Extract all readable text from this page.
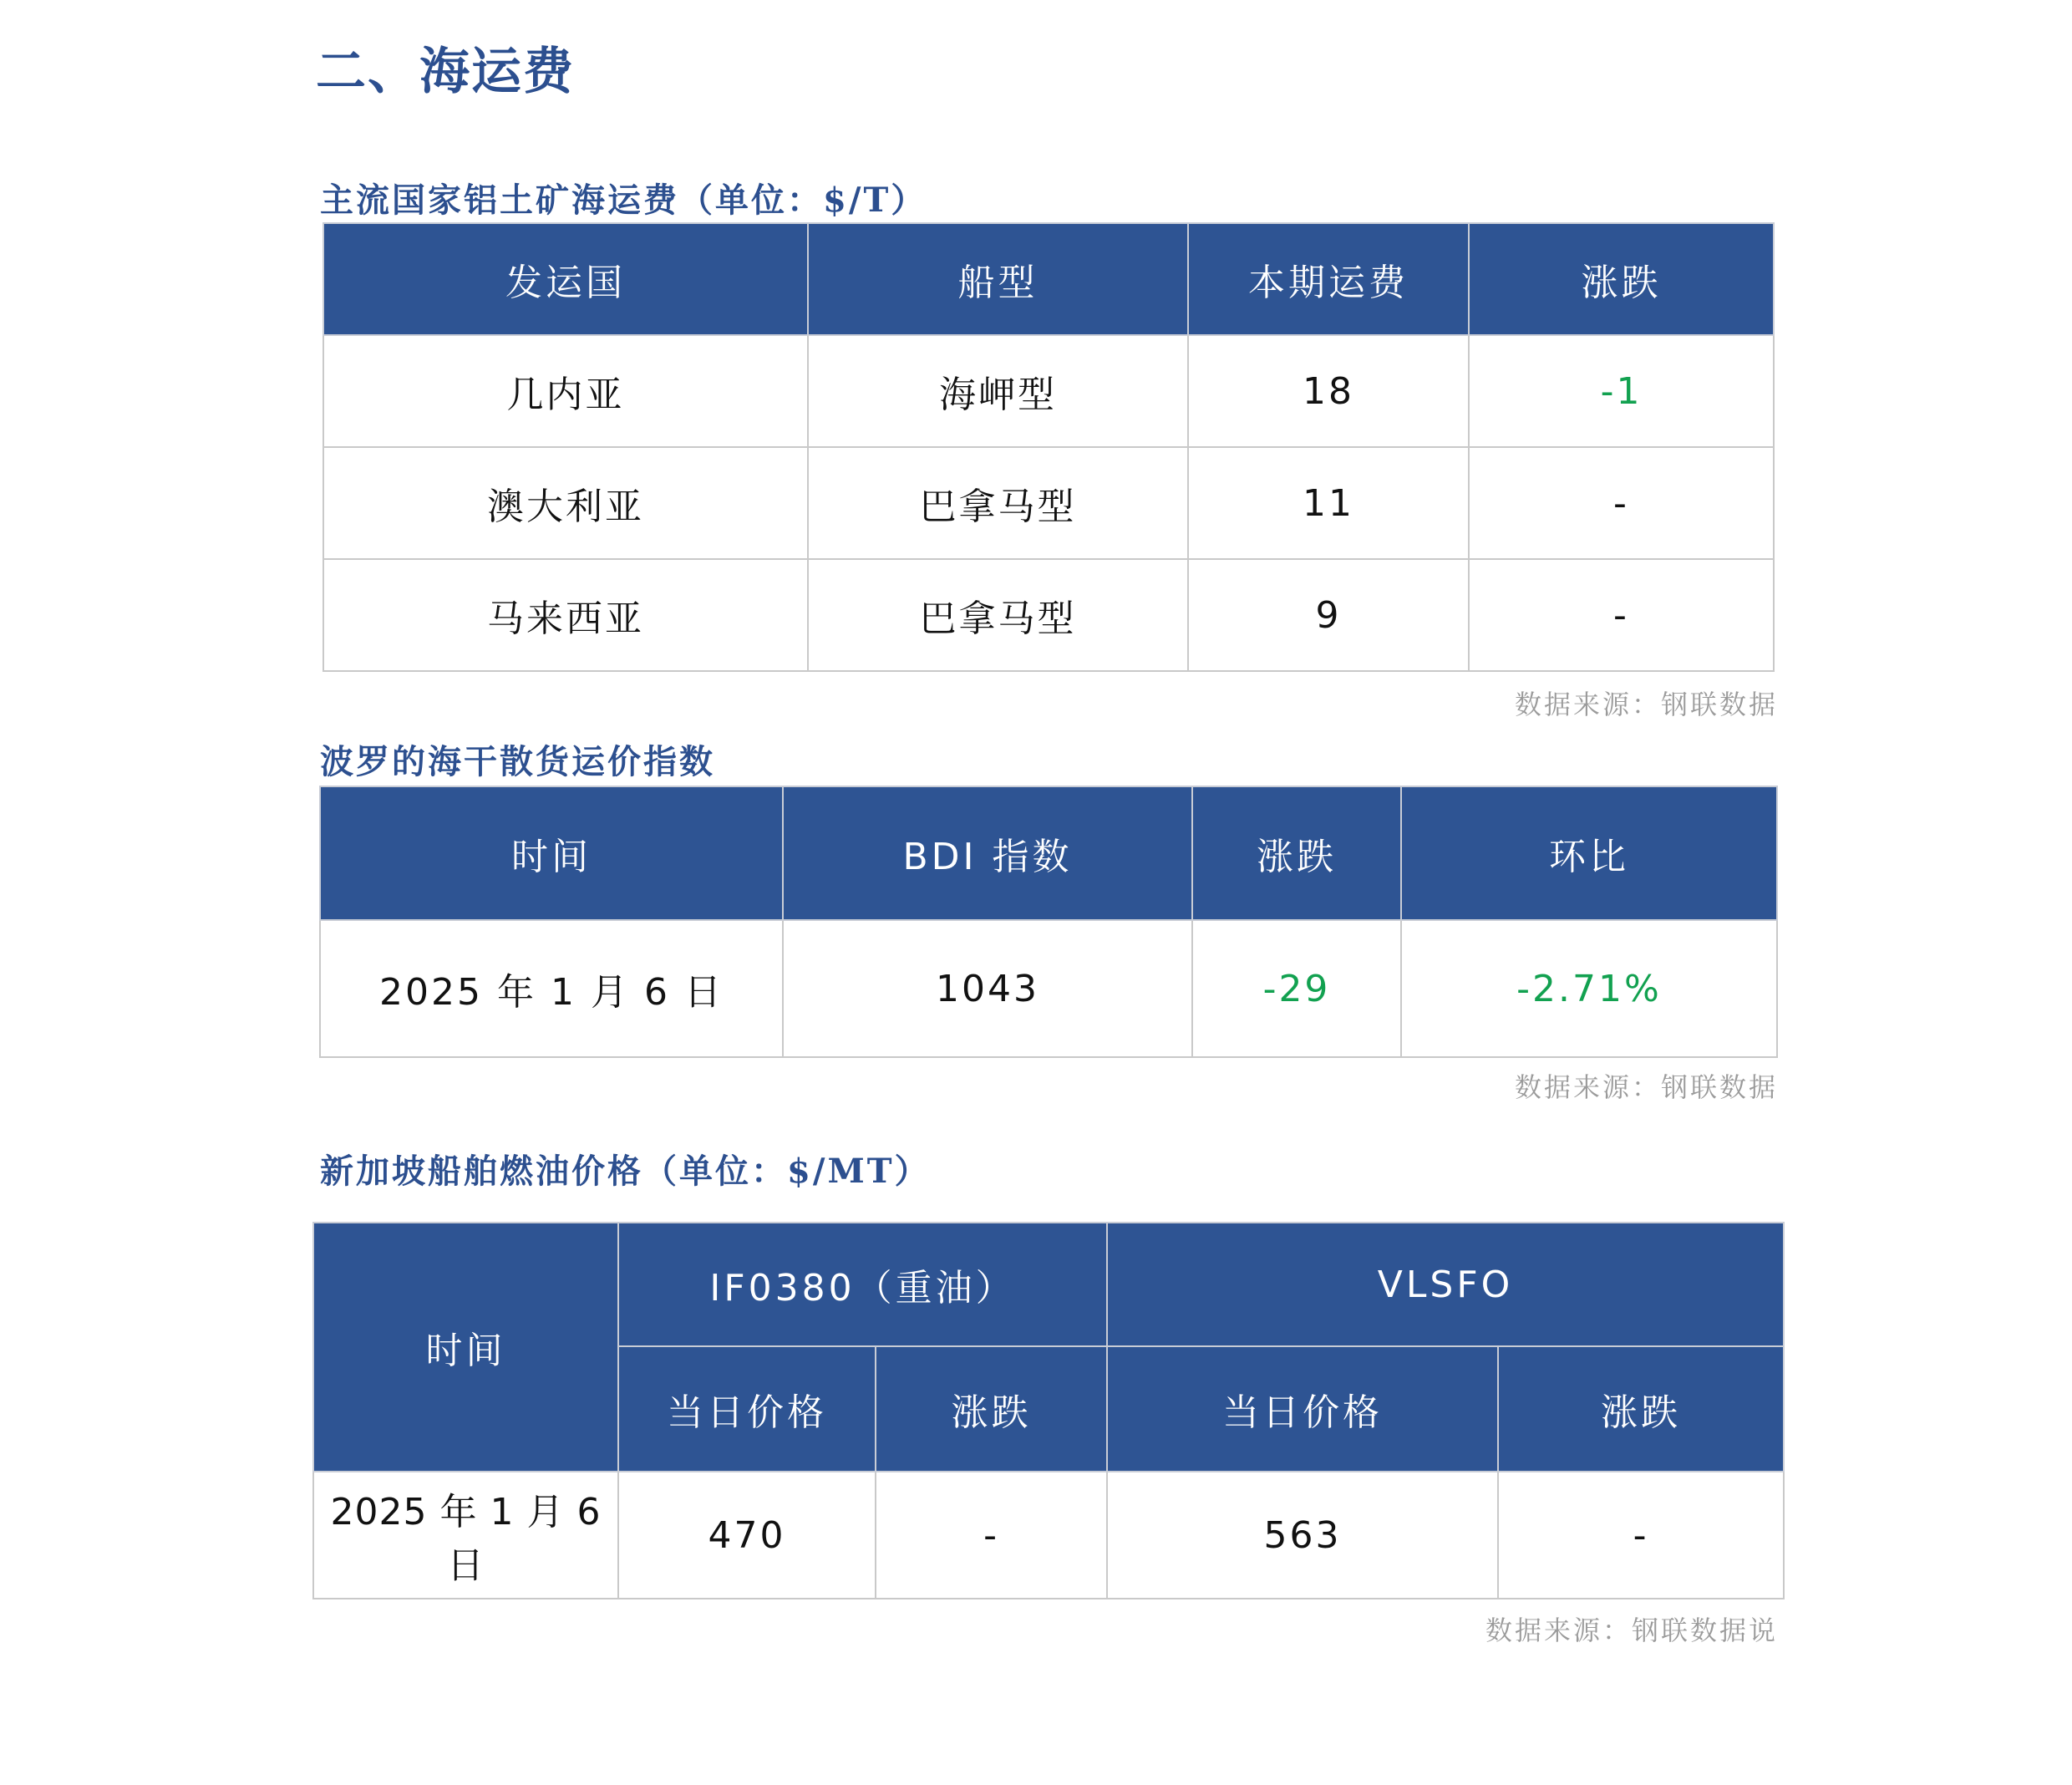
二、海运费
主流国家铝土矿海运费（单位：$/T）
发运国	船型	本期运费	涨跌
几内亚	海岬型	18	-1
澳大利亚	巴拿马型	11	-
马来西亚	巴拿马型	9	-
数据来源：钢联数据
波罗的海干散货运价指数
时间	BDI 指数	涨跌	环比
2025 年 1 月 6 日	1043	-29	-2.71%
数据来源：钢联数据
新加坡船舶燃油价格（单位：$/MT）
时间	IF0380（重油）		VLSFO	
	当日价格	涨跌	当日价格	涨跌
2025 年 1 月 6 日	470	-	563	-
数据来源：钢联数据说
